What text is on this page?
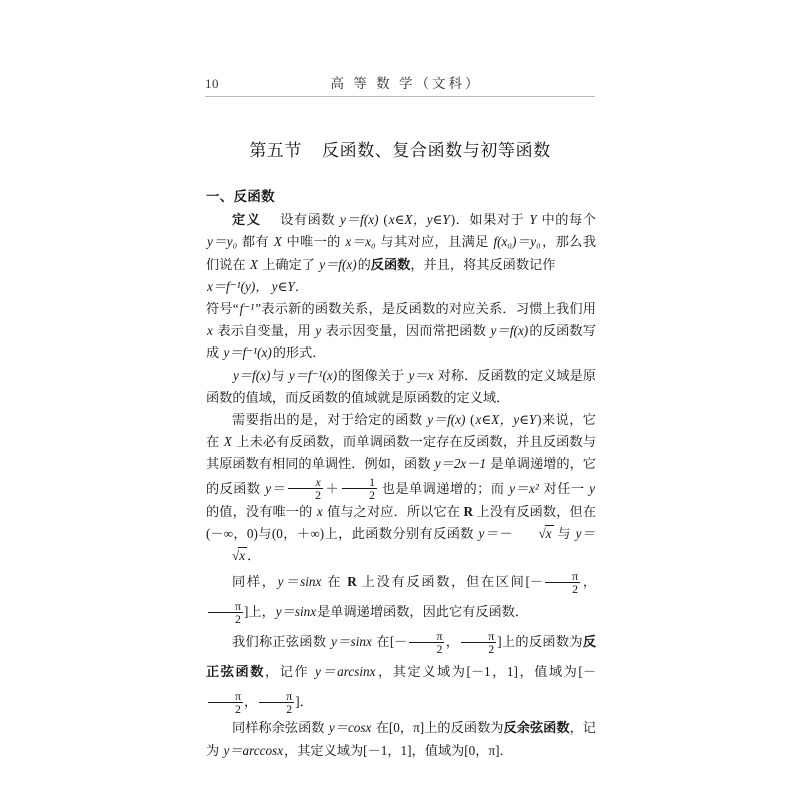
10	高 等 数 学（文科）
第五节 反函数、复合函数与初等函数
一、反函数

定义 设有函数 y＝f(x) (x∈X，y∈Y)．如果对于 Y 中的每个 y＝y₀ 都有 X 中唯一的 x＝x₀ 与其对应，且满足 f(x₀)＝y₀，那么我们说在 X 上确定了 y＝f(x)的反函数，并且，将其反函数记作

x＝f⁻¹(y)， y∈Y．

符号“f⁻¹”表示新的函数关系，是反函数的对应关系．习惯上我们用 x 表示自变量，用 y 表示因变量，因而常把函数 y＝f(x)的反函数写成 y＝f⁻¹(x)的形式．

y＝f(x)与 y＝f⁻¹(x)的图像关于 y＝x 对称．反函数的定义域是原函数的值域，而反函数的值域就是原函数的定义域．

需要指出的是，对于给定的函数 y＝f(x) (x∈X，y∈Y)来说，它在 X 上未必有反函数，而单调函数一定存在反函数，并且反函数与其原函数有相同的单调性．例如，函数 y＝2x－1 是单调递增的，它的反函数 $y= \frac{x}{2} + \frac{1}{2}$ 也是单调递增的；而 y＝x² 对任一 y 的值，没有唯一的 x 值与之对应．所以它在 R 上没有反函数，但在(－∞，0)与(0，＋∞)上，此函数分别有反函数 y＝－ √x 与 y＝√x ．

同样，y＝sinx 在 R 上没有反函数，但在区间[－ $\frac{\pi}{2}$ ，
$\frac{\pi}{2}$ ]上，y＝sinx是单调递增函数，因此它有反函数．

我们称正弦函数 y＝sinx 在[－ $\frac{\pi}{2}$ ， $\frac{\pi}{2}$ ]上的反函数为反正弦函数，记作 y＝arcsinx，其定义域为[－1，1]，值域为[－
$\frac{\pi}{2}$ ， $\frac{\pi}{2}$ ]．

同样称余弦函数 y＝cosx 在[0，π]上的反函数为反余弦函数，记为 y＝arccosx，其定义域为[－1，1]，值域为[0，π]．
